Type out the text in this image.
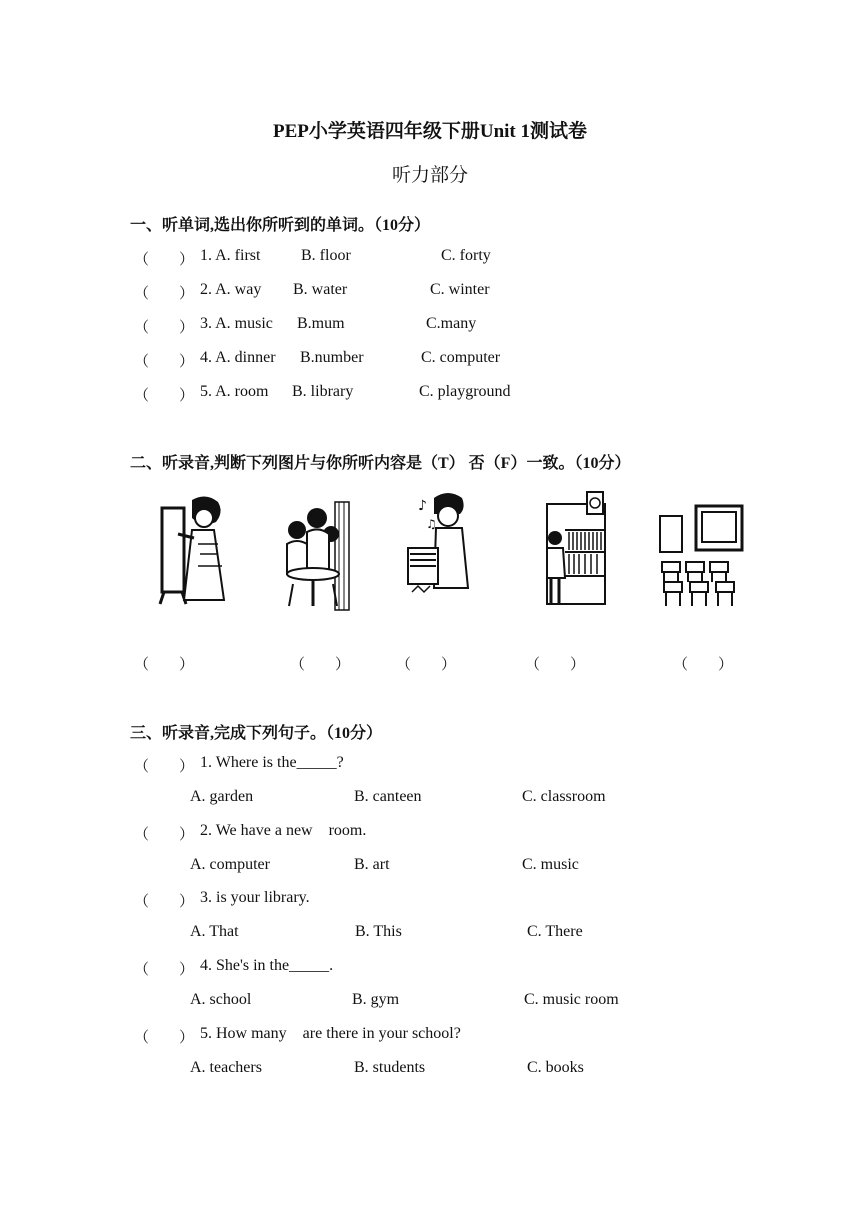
PEP小学英语四年级下册Unit 1测试卷
听力部分
一、听单词,选出你所听到的单词。（10分）
（　　） 1. A. first	B. floor	C. forty
（　　） 2. A. way B. water	C. winter
（　　） 3. A. music B.mum	C.many
（　　） 4. A. dinner B.number	C. computer
（　　） 5. A. room B. library	C. playground
二、听录音,判断下列图片与你所听内容是（T） 否（F）一致。（10分）
♪
♫
（　　）	（　　）	（　　）	（　　）	（　　）
三、听录音,完成下列句子。（10分）
（　　） 1. Where is the_____?
A. garden	B. canteen	C. classroom
（　　） 2. We have a new    room.
A. computer	B. art	C. music
（　　） 3. is your library.
A. That	B. This	C. There
（　　） 4. She's in the_____.
A. school	B. gym	C. music room
（　　） 5. How many    are there in your school?
A. teachers	B. students	C. books
